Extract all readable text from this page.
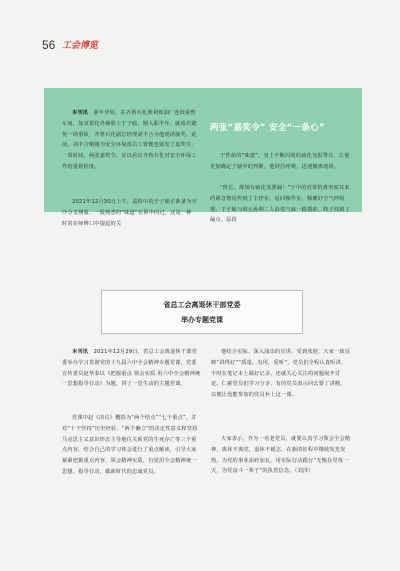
56 工会博览
本刊讯　 新年伊始，在齐鲁石化胜利炼油厂连续重整车间，加氢裂化外操职工于子硕、刚入职半年，就成功避免一场事故，齐鲁石化副总经理刘丰合为他现场颁奖。此前，刘丰合刚刚为安全环保部员工曹健也颁发了嘉奖令。一周时间，两张嘉奖令，证以看出齐鲁石化对安全环保工作的重视程度。
2021年12月30日上午，巡检中的于子硕正准备为空冷分支测温，一股熟悉的“味道”在鼻中闪过，这是一种时常在师傅口中提起的关
两张“嘉奖令” 安全“一条心”
于性命的“味道”。身上不断闪现的硫化氢报警仪，让他更加确定了脑中的判断，他屏住呼吸，迅速撤离现场。
“班长，现场有硫化氢泄漏！”于中的对讲机将突如其来的紧急情况传到了主控室。返回操作室，佩戴好空气呼吸器，于子硕与班元孙帅二人沿着气味一路摸索，终于找到了漏点。原段
省总工会离退休干部党委
举办专题党课
本刊讯　 2021年12月29日，省总工会离退休干部党委举办学习贯彻党的十九届六中全会精神专题党课，党委宣传委员赵华泰以《把握重点 领会实质 用六中全会精神统一思想指导行动》为题，讲了一堂生动的主题党课。
党课中赵《决议》概括为“两个结点”“七个重点”，并对“十个坚持”历史经验、“两个确立”的决定性意义和坚持马克思主义意识形态主导地位关系党的生死存亡等三个重点内容，结合自己的学习体会进行了重点解读，引导大家紧紧把握重点内容，领会精神实质，自觉用全会精神统一思想、指导行动，做新时代的忠诚党员。
他结合实际、深入浅出的宣讲，受到欢迎。大家一致反映“讲得好”“质量，有用，爱听”，党员们全程认真听讲，不时在笔记本上做好记录，还就关心关注的问题展开讨论。仁慈党员们学习分享，有的党员表示回去要了讲精，以便让没能参加的党员补上这一课。
大家表示，作为一名老党员，就要认真学习领会全会精神，离休不离党，退休不褪志，在新的征程中继续发光发热，为党的事业添砖加瓦，用实际行动践行“无愧在党每一天，为党奋斗一辈子”的执着信念。（刘泽）
